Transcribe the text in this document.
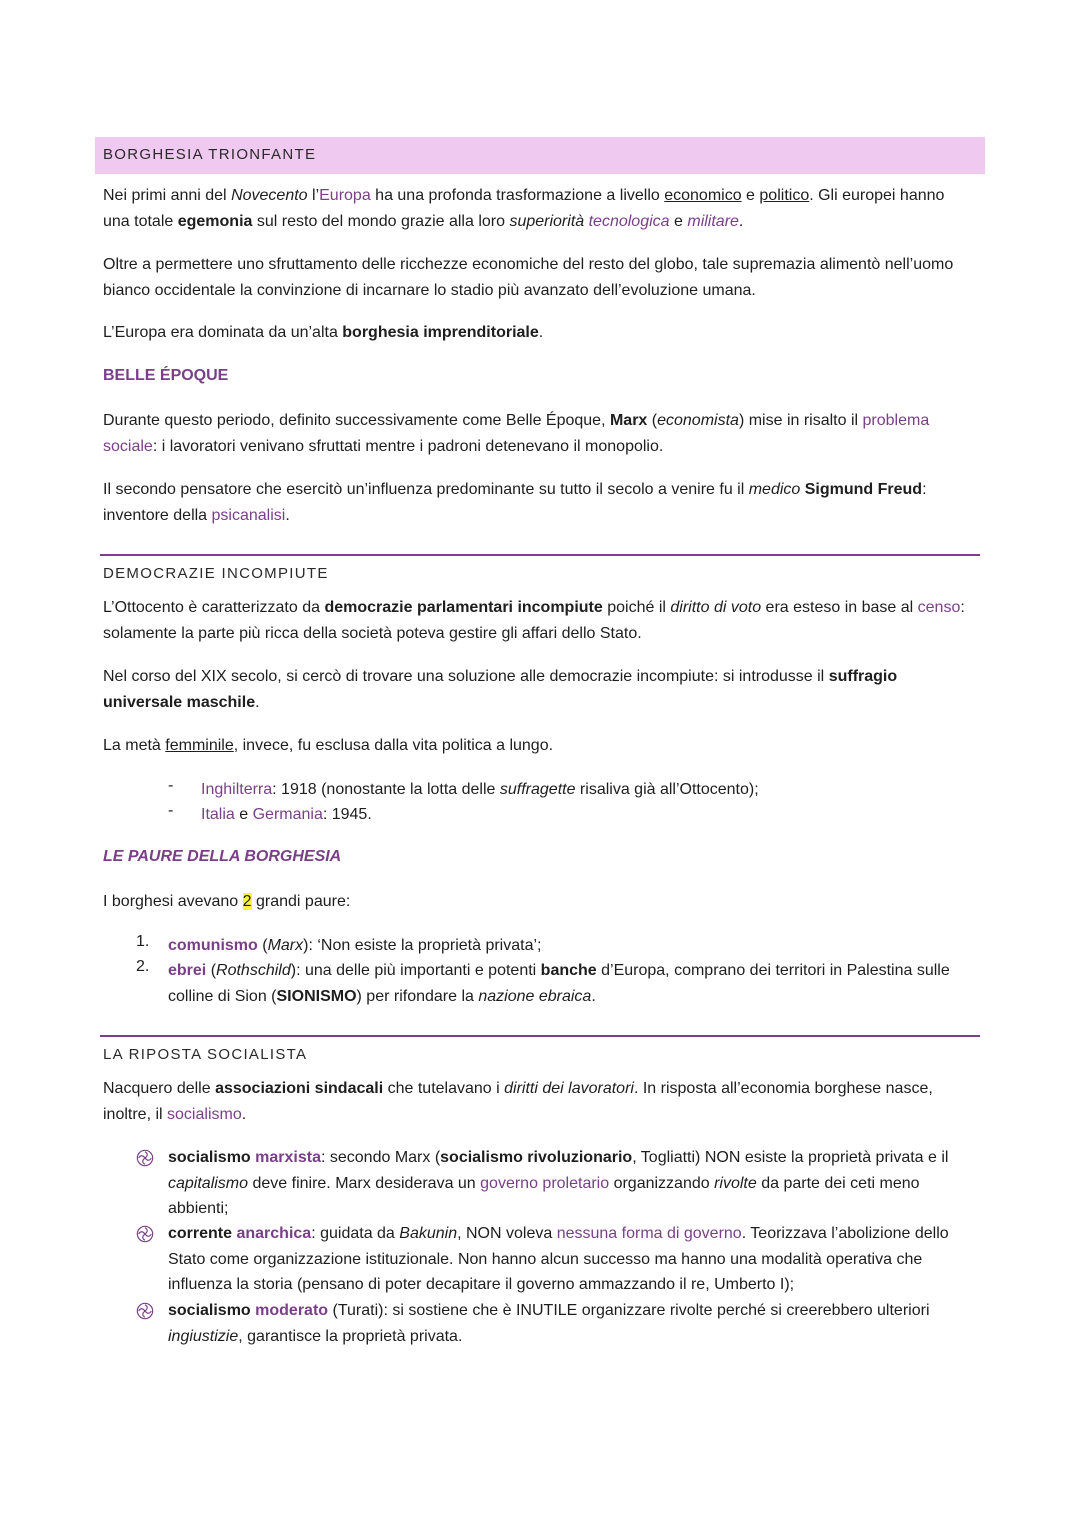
BORGHESIA TRIONFANTE

Nei primi anni del Novecento l’Europa ha una profonda trasformazione a livello economico e politico. Gli europei hanno una totale egemonia sul resto del mondo grazie alla loro superiorità tecnologica e militare.

Oltre a permettere uno sfruttamento delle ricchezze economiche del resto del globo, tale supremazia alimentò nell’uomo bianco occidentale la convinzione di incarnare lo stadio più avanzato dell’evoluzione umana.

L’Europa era dominata da un’alta borghesia imprenditoriale.

BELLE ÉPOQUE

Durante questo periodo, definito successivamente come Belle Époque, Marx (economista) mise in risalto il problema sociale: i lavoratori venivano sfruttati mentre i padroni detenevano il monopolio.

Il secondo pensatore che esercitò un’influenza predominante su tutto il secolo a venire fu il medico Sigmund Freud: inventore della psicanalisi.

DEMOCRAZIE INCOMPIUTE

L’Ottocento è caratterizzato da democrazie parlamentari incompiute poiché il diritto di voto era esteso in base al censo: solamente la parte più ricca della società poteva gestire gli affari dello Stato.

Nel corso del XIX secolo, si cercò di trovare una soluzione alle democrazie incompiute: si introdusse il suffragio universale maschile.

La metà femminile, invece, fu esclusa dalla vita politica a lungo.

- Inghilterra: 1918 (nonostante la lotta delle suffragette risaliva già all’Ottocento);
- Italia e Germania: 1945.
LE PAURE DELLA BORGHESIA

I borghesi avevano 2 grandi paure:

1. comunismo (Marx): ‘Non esiste la proprietà privata’;
2. ebrei (Rothschild): una delle più importanti e potenti banche d’Europa, comprano dei territori in Palestina sulle colline di Sion (SIONISMO) per rifondare la nazione ebraica.
LA RIPOSTA SOCIALISTA

Nacquero delle associazioni sindacali che tutelavano i diritti dei lavoratori. In risposta all’economia borghese nasce, inoltre, il socialismo.

socialismo marxista: secondo Marx (socialismo rivoluzionario, Togliatti) NON esiste la proprietà privata e il capitalismo deve finire. Marx desiderava un governo proletario organizzando rivolte da parte dei ceti meno abbienti;
corrente anarchica: guidata da Bakunin, NON voleva nessuna forma di governo. Teorizzava l’abolizione dello Stato come organizzazione istituzionale. Non hanno alcun successo ma hanno una modalità operativa che influenza la storia (pensano di poter decapitare il governo ammazzando il re, Umberto I);
socialismo moderato (Turati): si sostiene che è INUTILE organizzare rivolte perché si creerebbero ulteriori ingiustizie, garantisce la proprietà privata.
